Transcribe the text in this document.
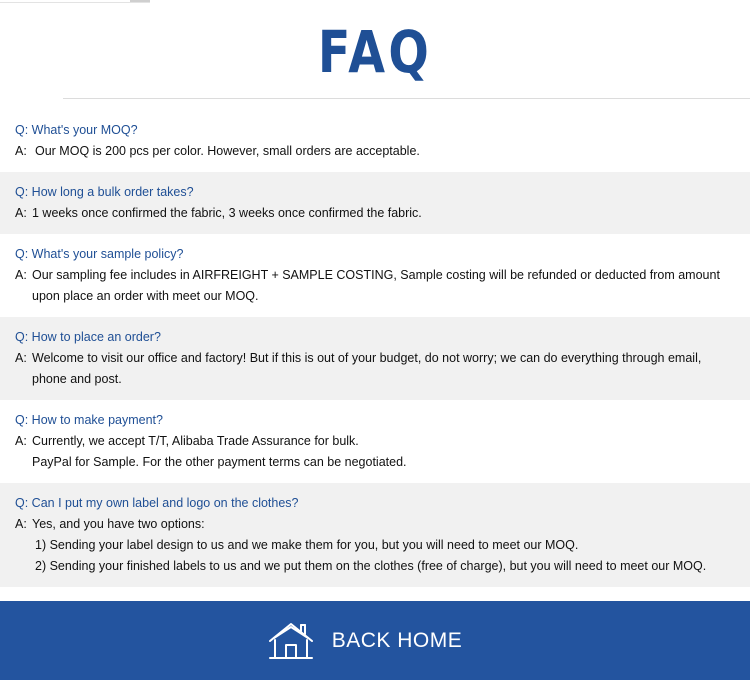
FAQ
Q: What's your MOQ?
A: Our MOQ is 200 pcs per color. However, small orders are acceptable.
Q: How long a bulk order takes?
A: 1 weeks once confirmed the fabric, 3 weeks once confirmed the fabric.
Q: What's your sample policy?
A: Our sampling fee includes in AIRFREIGHT + SAMPLE COSTING, Sample costing will be refunded or deducted from amount
upon place an order with meet our MOQ.
Q: How to place an order?
A: Welcome to visit our office and factory! But if this is out of your budget, do not worry; we can do everything through email,
phone and post.
Q: How to make payment?
A: Currently, we accept T/T, Alibaba Trade Assurance for bulk.
PayPal for Sample. For the other payment terms can be negotiated.
Q: Can I put my own label and logo on the clothes?
A: Yes, and you have two options:
1) Sending your label design to us and we make them for you, but you will need to meet our MOQ.
2) Sending your finished labels to us and we put them on the clothes (free of charge), but you will need to meet our MOQ.
BACK HOME
